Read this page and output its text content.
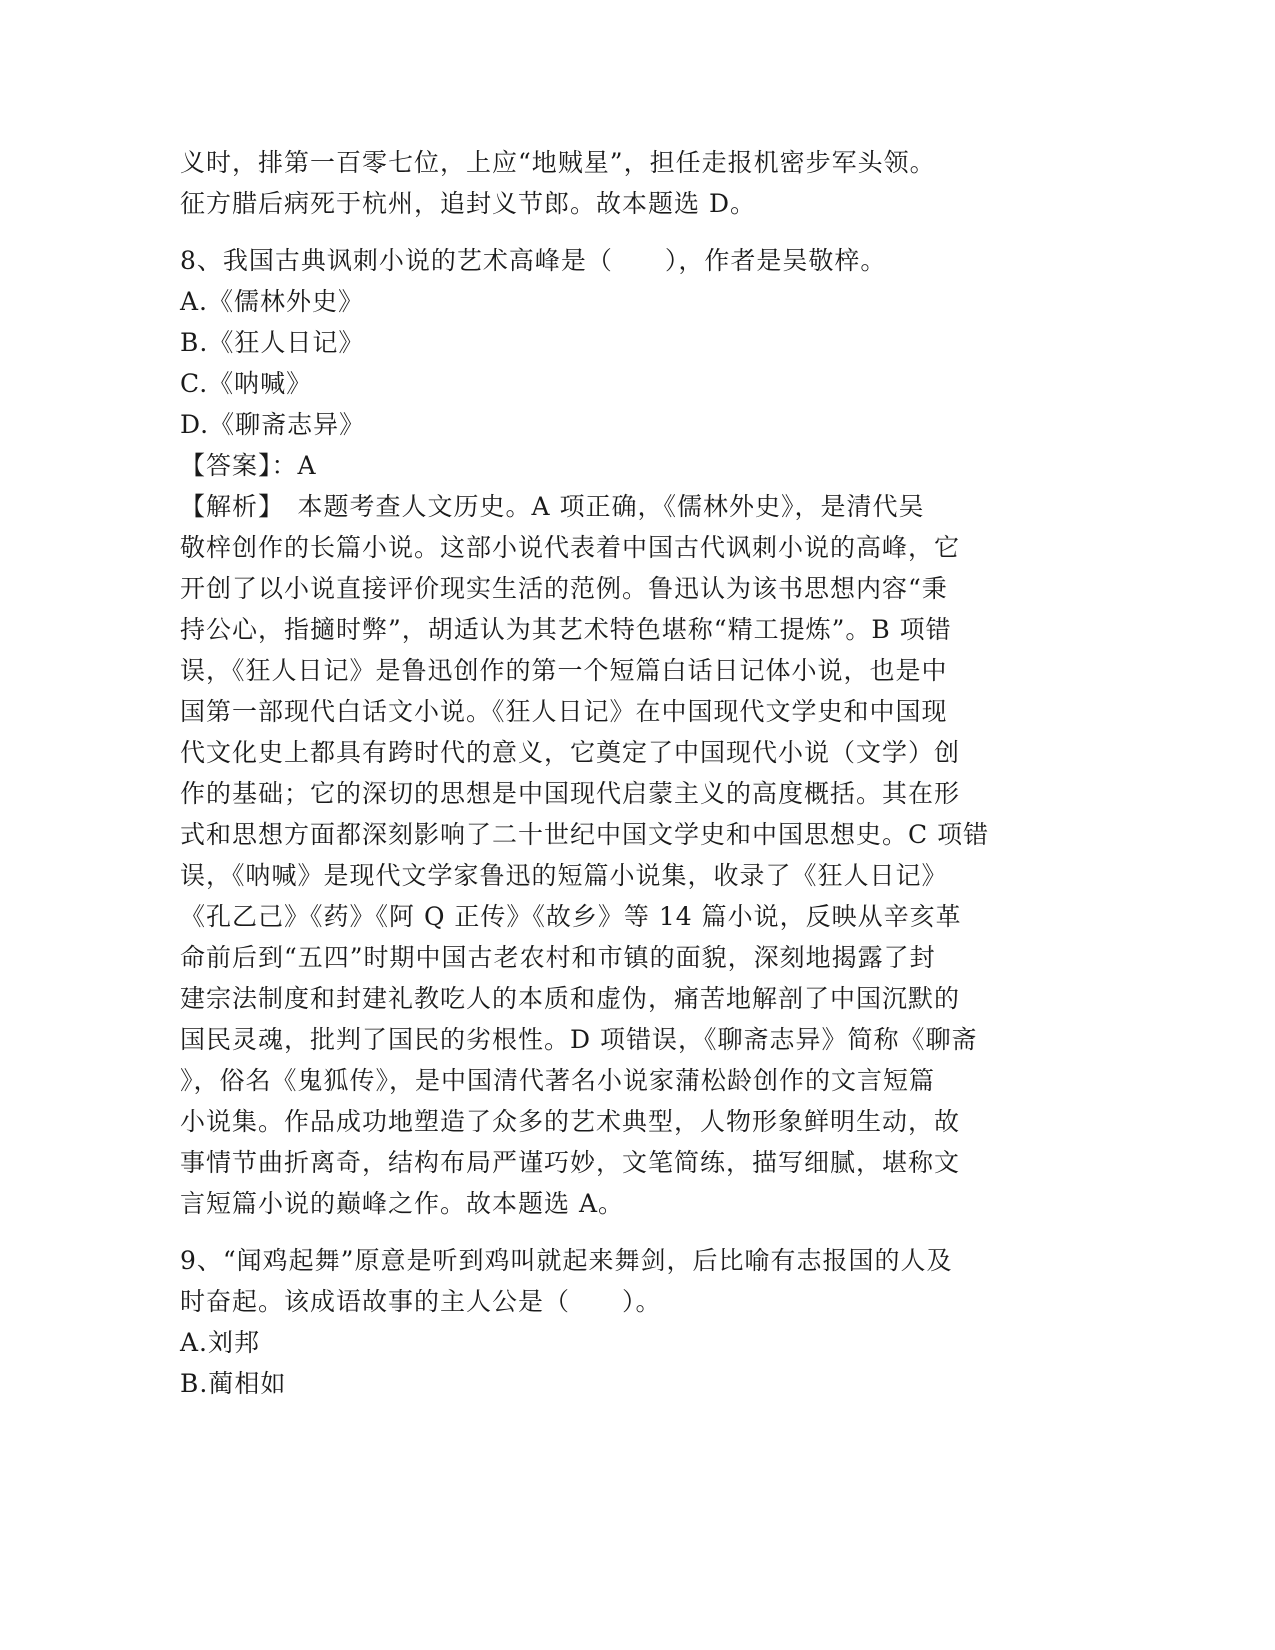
义时，排第一百零七位，上应“地贼星”，担任走报机密步军头领。
征方腊后病死于杭州，追封义节郎。故本题选 D。
8、我国古典讽刺小说的艺术高峰是（　　），作者是吴敬梓。
A.《儒林外史》
B.《狂人日记》
C.《呐喊》
D.《聊斋志异》
【答案】：A
【解析】　本题考查人文历史。A 项正确，《儒林外史》，是清代吴
敬梓创作的长篇小说。这部小说代表着中国古代讽刺小说的高峰，它
开创了以小说直接评价现实生活的范例。鲁迅认为该书思想内容“秉
持公心，指擿时弊”，胡适认为其艺术特色堪称“精工提炼”。B 项错
误，《狂人日记》是鲁迅创作的第一个短篇白话日记体小说，也是中
国第一部现代白话文小说。《狂人日记》在中国现代文学史和中国现
代文化史上都具有跨时代的意义，它奠定了中国现代小说（文学）创
作的基础；它的深切的思想是中国现代启蒙主义的高度概括。其在形
式和思想方面都深刻影响了二十世纪中国文学史和中国思想史。C 项错
误，《呐喊》是现代文学家鲁迅的短篇小说集，收录了《狂人日记》
《孔乙己》《药》《阿 Q 正传》《故乡》等 14 篇小说，反映从辛亥革
命前后到“五四”时期中国古老农村和市镇的面貌，深刻地揭露了封
建宗法制度和封建礼教吃人的本质和虚伪，痛苦地解剖了中国沉默的
国民灵魂，批判了国民的劣根性。D 项错误，《聊斋志异》简称《聊斋
》，俗名《鬼狐传》，是中国清代著名小说家蒲松龄创作的文言短篇
小说集。作品成功地塑造了众多的艺术典型，人物形象鲜明生动，故
事情节曲折离奇，结构布局严谨巧妙，文笔简练，描写细腻，堪称文
言短篇小说的巅峰之作。故本题选 A。
9、“闻鸡起舞”原意是听到鸡叫就起来舞剑，后比喻有志报国的人及
时奋起。该成语故事的主人公是（　　）。
A.刘邦
B.蔺相如
